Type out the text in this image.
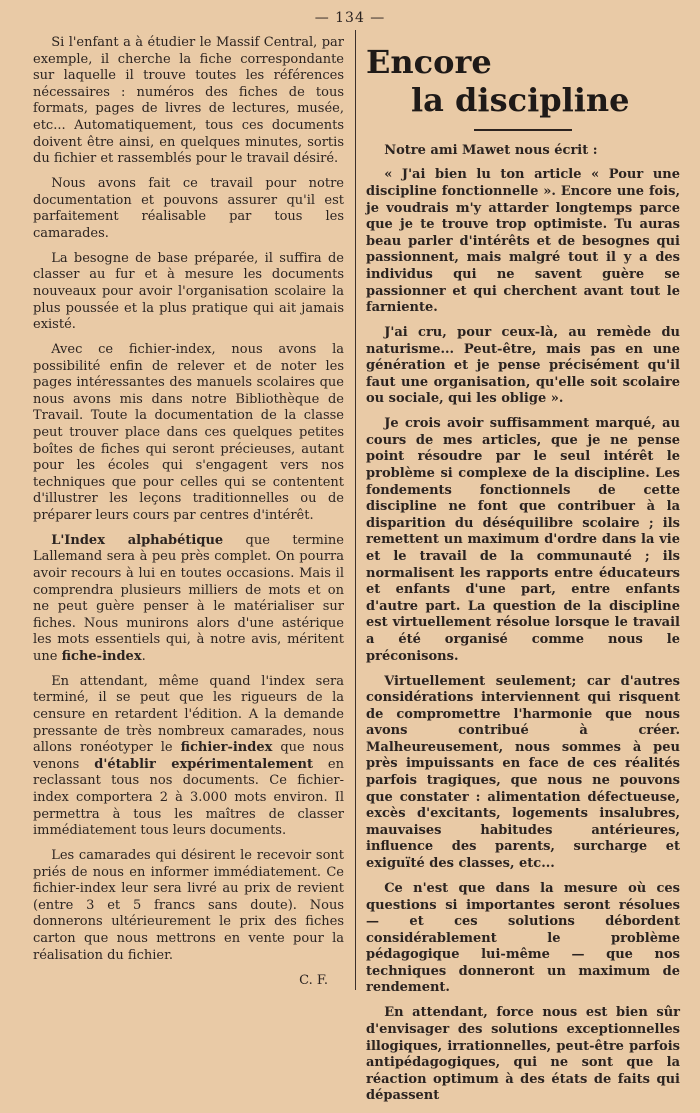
— 134 —

Si l'enfant a à étudier le Massif Central, par exemple, il cherche la fiche correspondante sur laquelle il trouve toutes les références nécessaires : numéros des fiches de tous formats, pages de livres de lectures, musée, etc... Automatiquement, tous ces documents doivent être ainsi, en quelques minutes, sortis du fichier et rassemblés pour le travail désiré.

Nous avons fait ce travail pour notre documentation et pouvons assurer qu'il est parfaitement réalisable par tous les camarades.

La besogne de base préparée, il suffira de classer au fur et à mesure les documents nouveaux pour avoir l'organisation scolaire la plus poussée et la plus pratique qui ait jamais existé.

Avec ce fichier-index, nous avons la possibilité enfin de relever et de noter les pages intéressantes des manuels scolaires que nous avons mis dans notre Bibliothèque de Travail. Toute la documentation de la classe peut trouver place dans ces quelques petites boîtes de fiches qui seront précieuses, autant pour les écoles qui s'engagent vers nos techniques que pour celles qui se contentent d'illustrer les leçons traditionnelles ou de préparer leurs cours par centres d'intérêt.

L'Index alphabétique que termine Lallemand sera à peu près complet. On pourra avoir recours à lui en toutes occasions. Mais il comprendra plusieurs milliers de mots et on ne peut guère penser à le matérialiser sur fiches. Nous munirons alors d'une astérique les mots essentiels qui, à notre avis, méritent une fiche-index.

En attendant, même quand l'index sera terminé, il se peut que les rigueurs de la censure en retardent l'édition. A la demande pressante de très nombreux camarades, nous allons ronéotyper le fichier-index que nous venons d'établir expérimentalement en reclassant tous nos documents. Ce fichier-index comportera 2 à 3.000 mots environ. Il permettra à tous les maîtres de classer immédiatement tous leurs documents.

Les camarades qui désirent le recevoir sont priés de nous en informer immédiatement. Ce fichier-index leur sera livré au prix de revient (entre 3 et 5 francs sans doute). Nous donnerons ultérieurement le prix des fiches carton que nous mettrons en vente pour la réalisation du fichier.

C. F.

Encore
la discipline

Notre ami Mawet nous écrit :

« J'ai bien lu ton article « Pour une discipline fonctionnelle ». Encore une fois, je voudrais m'y attarder longtemps parce que je te trouve trop optimiste. Tu auras beau parler d'intérêts et de besognes qui passionnent, mais malgré tout il y a des individus qui ne savent guère se passionner et qui cherchent avant tout le farniente.

J'ai cru, pour ceux-là, au remède du naturisme... Peut-être, mais pas en une génération et je pense précisément qu'il faut une organisation, qu'elle soit scolaire ou sociale, qui les oblige ».

Je crois avoir suffisamment marqué, au cours de mes articles, que je ne pense point résoudre par le seul intérêt le problème si complexe de la discipline. Les fondements fonctionnels de cette discipline ne font que contribuer à la disparition du déséquilibre scolaire ; ils remettent un maximum d'ordre dans la vie et le travail de la communauté ; ils normalisent les rapports entre éducateurs et enfants d'une part, entre enfants d'autre part. La question de la discipline est virtuellement résolue lorsque le travail a été organisé comme nous le préconisons.

Virtuellement seulement; car d'autres considérations interviennent qui risquent de compromettre l'harmonie que nous avons contribué à créer. Malheureusement, nous sommes à peu près impuissants en face de ces réalités parfois tragiques, que nous ne pouvons que constater : alimentation défectueuse, excès d'excitants, logements insalubres, mauvaises habitudes antérieures, influence des parents, surcharge et exiguïté des classes, etc...

Ce n'est que dans la mesure où ces questions si importantes seront résolues — et ces solutions débordent considérablement le problème pédagogique lui-même — que nos techniques donneront un maximum de rendement.

En attendant, force nous est bien sûr d'envisager des solutions exceptionnelles illogiques, irrationnelles, peut-être parfois antipédagogiques, qui ne sont que la réaction optimum à des états de faits qui dépassent
